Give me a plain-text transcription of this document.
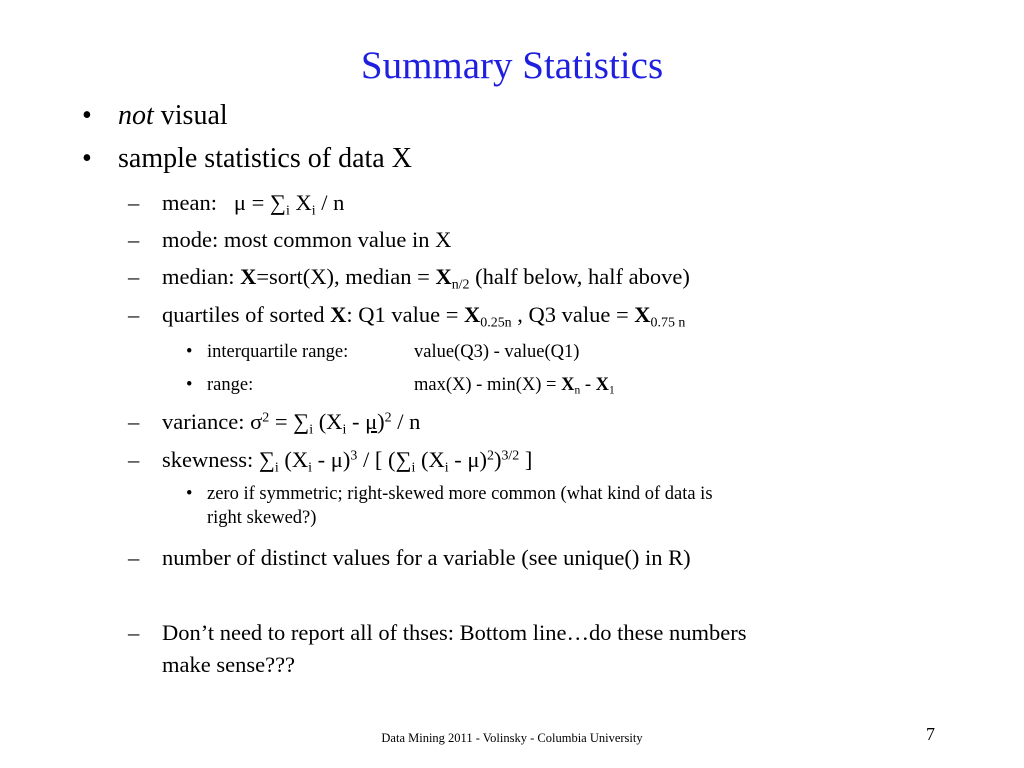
Summary Statistics
• not visual
• sample statistics of data X
– mean: $\mu = \sum_i$ $X_i$ / n
– mode: most common value in X
– median: X=sort(X), median = $X_{n/2}$ (half below, half above)
– quartiles of sorted X: Q1 value = $X_{0.25n}$ , Q3 value = $X_{0.75 n}$
• interquartile range:	value(Q3) - value(Q1)
• range:	$\max(X) - \min(X) = X_n - X_1$
– variance: $\sigma^2 = \sum_i$ $(X_i - \mu)^2$ / n
– skewness: $\sum_i$ $(X_i - \mu)^3$ / [ ($\sum_i$ $(X_i - \mu)^2)^{3/2}$ ]
• zero if symmetric; right-skewed more common (what kind of data is
right skewed?)
– number of distinct values for a variable (see unique() in R)
– Don’t need to report all of thses: Bottom line…do these numbers
make sense???
Data Mining 2011 - Volinsky - Columbia University	7
